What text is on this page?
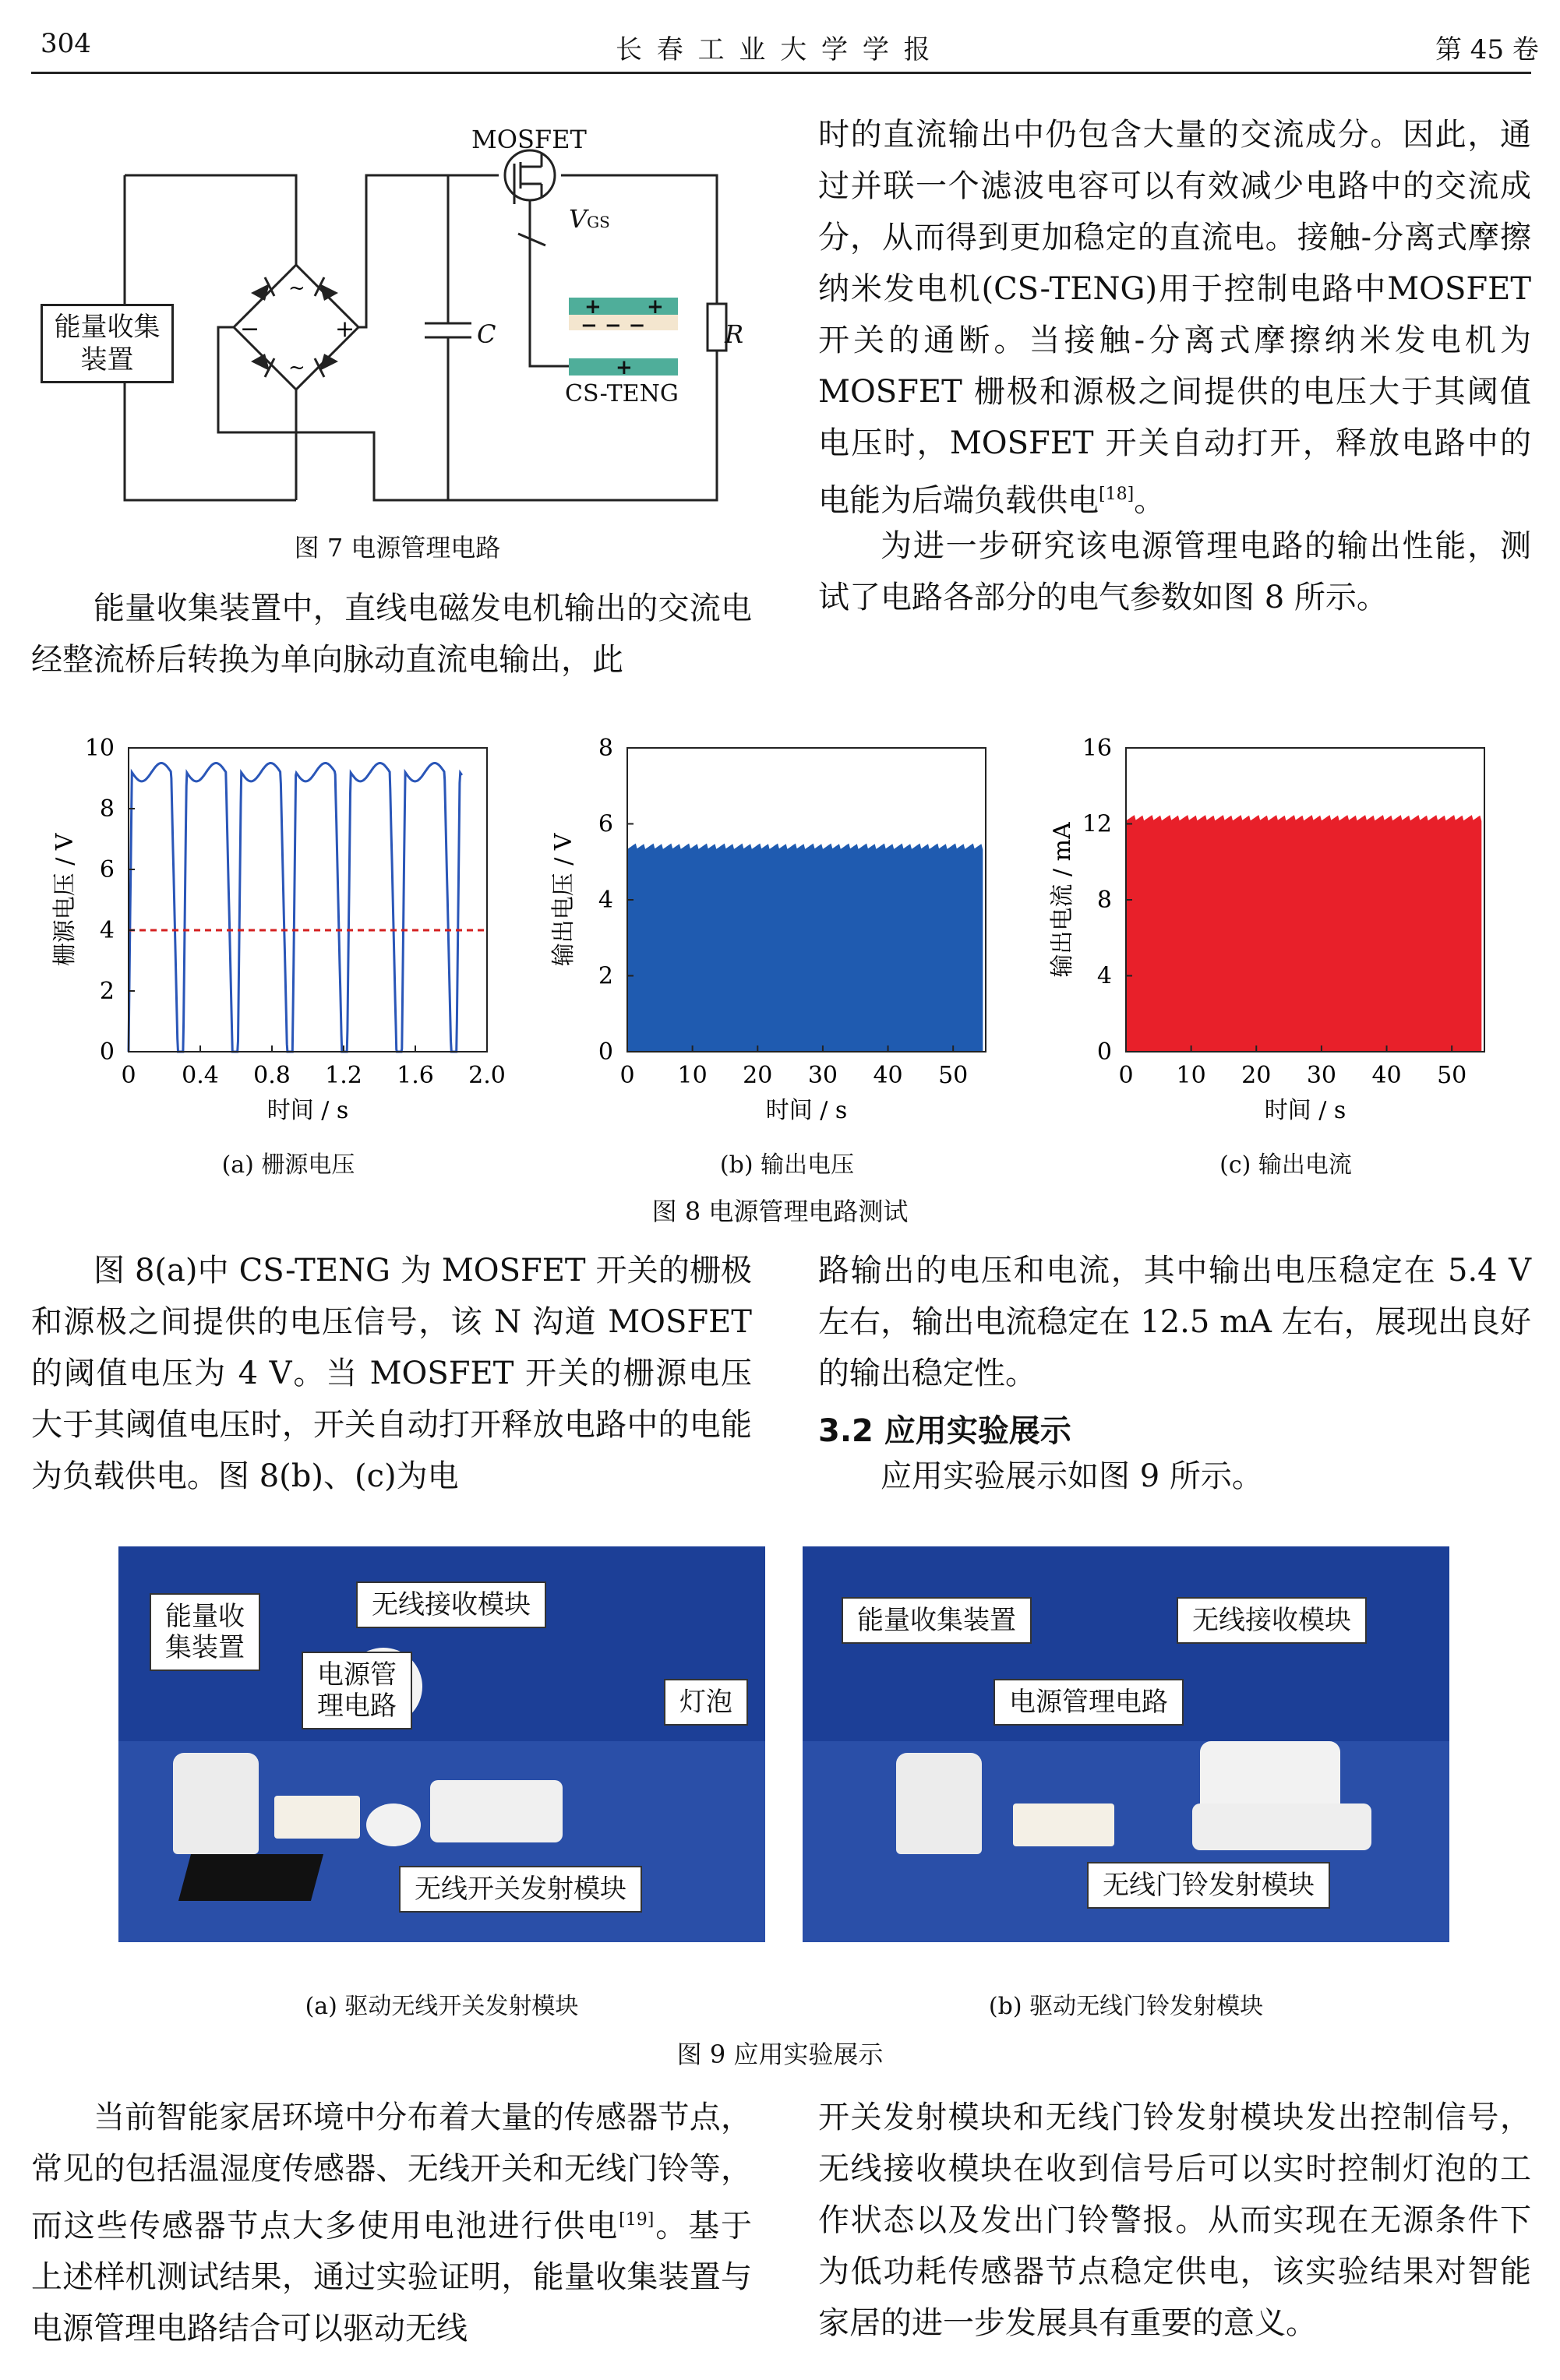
304	长 春 工 业 大 学 学 报	第 45 卷
~
~
−	+
+ +
− − −
+
能量收集装置
MOSFET
VGS
C	R
CS-TENG
图 7 电源管理电路
能量收集装置中，直线电磁发电机输出的交流电经整流桥后转换为单向脉动直流电输出，此
时的直流输出中仍包含大量的交流成分。因此，通过并联一个滤波电容可以有效减少电路中的交流成分，从而得到更加稳定的直流电。接触-分离式摩擦纳米发电机(CS-TENG)用于控制电路中MOSFET 开关的通断。当接触-分离式摩擦纳米发电机为 MOSFET 栅极和源极之间提供的电压大于其阈值电压时，MOSFET 开关自动打开，释放电路中的电能为后端负载供电[18]。
为进一步研究该电源管理电路的输出性能，测试了电路各部分的电气参数如图 8 所示。
0 0.4 0.8 1.2 1.6 2.0
0
2
4
6
8
10
时间 / s
栅源电压 / V
0 10 20 30 40 50
0
2
4
6
8
时间 / s
输出电压 / V
0 10 20 30 40 50
0
4
8
12
16
时间 / s
输出电流 / mA
(a) 栅源电压	(b) 输出电压	(c) 输出电流
图 8 电源管理电路测试
图 8(a)中 CS-TENG 为 MOSFET 开关的栅极和源极之间提供的电压信号，该 N 沟道 MOSFET 的阈值电压为 4 V。当 MOSFET 开关的栅源电压大于其阈值电压时，开关自动打开释放电路中的电能为负载供电。图 8(b)、(c)为电
路输出的电压和电流，其中输出电压稳定在 5.4 V 左右，输出电流稳定在 12.5 mA 左右，展现出良好的输出稳定性。
3.2 应用实验展示
应用实验展示如图 9 所示。
能量收
集装置
电源管
理电路
无线接收模块
灯泡
无线开关发射模块
能量收集装置
电源管理电路
无线接收模块
无线门铃发射模块
(a) 驱动无线开关发射模块	(b) 驱动无线门铃发射模块
图 9 应用实验展示
当前智能家居环境中分布着大量的传感器节点，常见的包括温湿度传感器、无线开关和无线门铃等，而这些传感器节点大多使用电池进行供电[19]。基于上述样机测试结果，通过实验证明，能量收集装置与电源管理电路结合可以驱动无线
开关发射模块和无线门铃发射模块发出控制信号，无线接收模块在收到信号后可以实时控制灯泡的工作状态以及发出门铃警报。从而实现在无源条件下为低功耗传感器节点稳定供电，该实验结果对智能家居的进一步发展具有重要的意义。
